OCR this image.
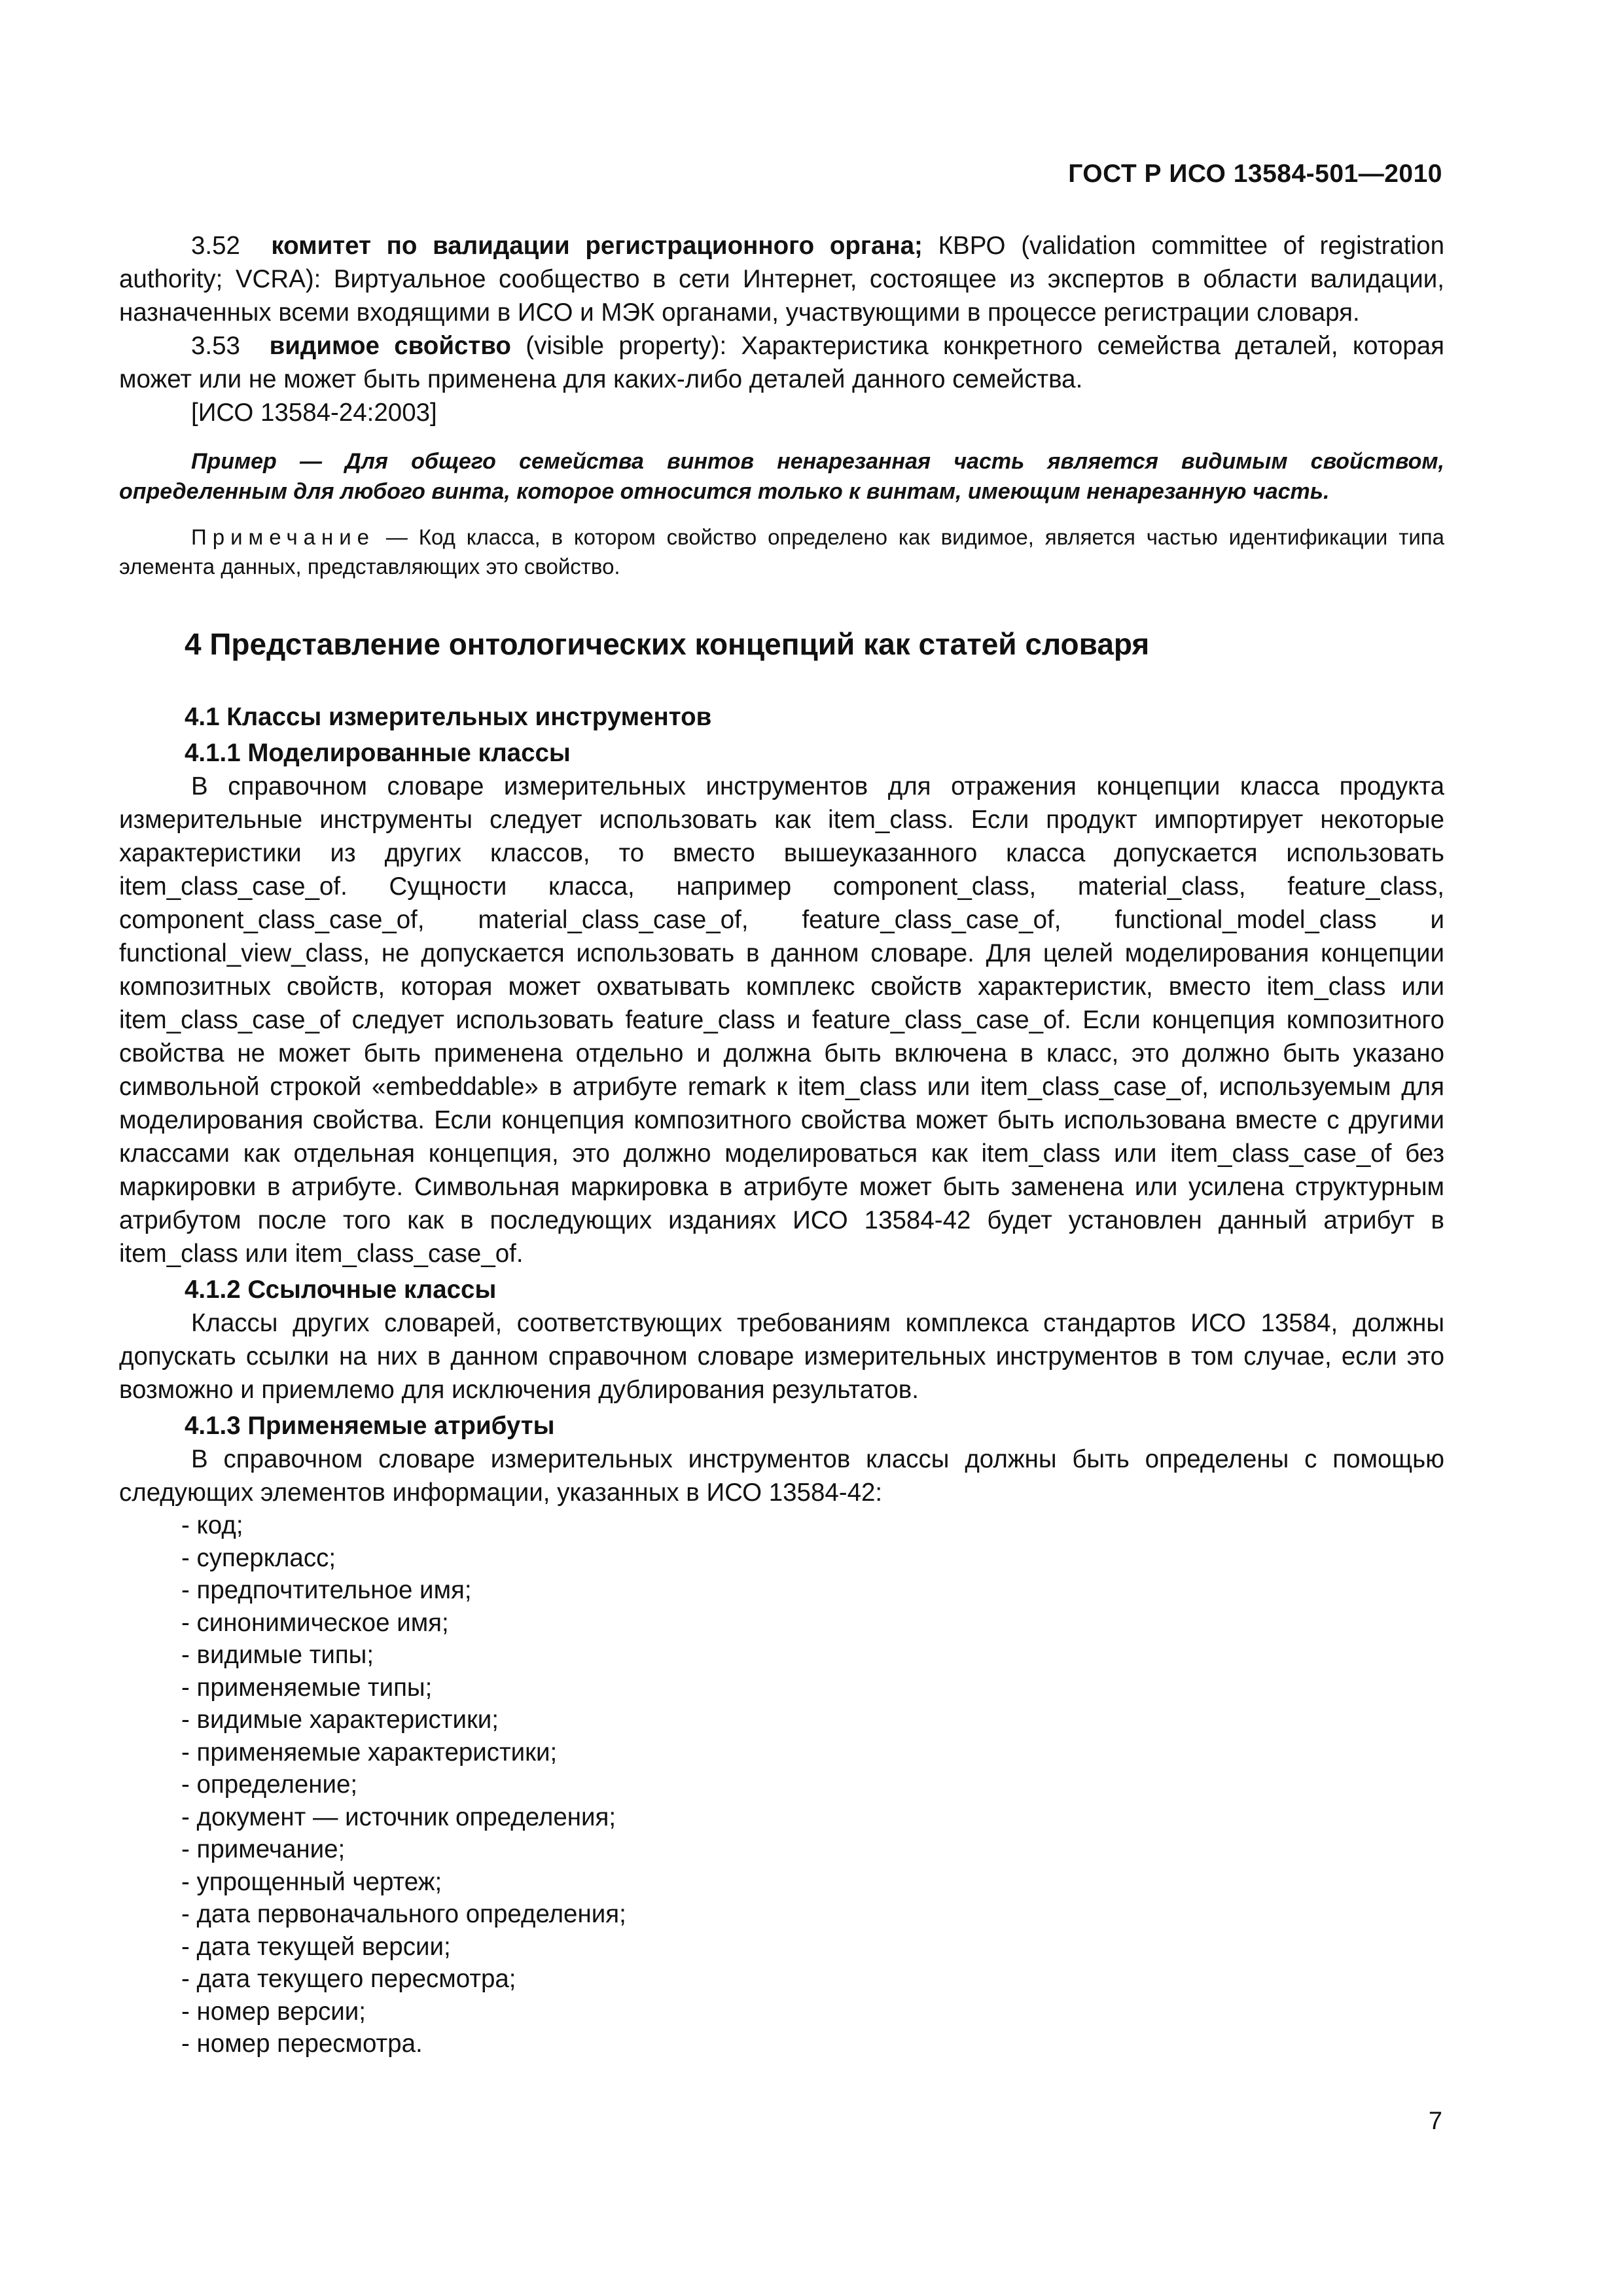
ГОСТ Р ИСО 13584-501—2010

3.52 комитет по валидации регистрационного органа; КВРО (validation committee of registration authority; VCRA): Виртуальное сообщество в сети Интернет, состоящее из экспертов в области валидации, назначенных всеми входящими в ИСО и МЭК органами, участвующими в процессе регистрации словаря.

3.53 видимое свойство (visible property): Характеристика конкретного семейства деталей, которая может или не может быть применена для каких-либо деталей данного семейства.

[ИСО 13584-24:2003]

Пример — Для общего семейства винтов ненарезанная часть является видимым свойством, определенным для любого винта, которое относится только к винтам, имеющим ненарезанную часть.

Примечание — Код класса, в котором свойство определено как видимое, является частью идентификации типа элемента данных, представляющих это свойство.

4 Представление онтологических концепций как статей словаря
4.1 Классы измерительных инструментов
4.1.1 Моделированные классы

В справочном словаре измерительных инструментов для отражения концепции класса продукта измерительные инструменты следует использовать как item_class. Если продукт импортирует некоторые характеристики из других классов, то вместо вышеуказанного класса допускается использовать item_class_case_of. Сущности класса, например component_class, material_class, feature_class, component_class_case_of, material_class_case_of, feature_class_case_of, functional_model_class и functional_view_class, не допускается использовать в данном словаре. Для целей моделирования концепции композитных свойств, которая может охватывать комплекс свойств характеристик, вместо item_class или item_class_case_of следует использовать feature_class и feature_class_case_of. Если концепция композитного свойства не может быть применена отдельно и должна быть включена в класс, это должно быть указано символьной строкой «embeddable» в атрибуте remark к item_class или item_class_case_of, используемым для моделирования свойства. Если концепция композитного свойства может быть использована вместе с другими классами как отдельная концепция, это должно моделироваться как item_class или item_class_case_of без маркировки в атрибуте. Символьная маркировка в атрибуте может быть заменена или усилена структурным атрибутом после того как в последующих изданиях ИСО 13584-42 будет установлен данный атрибут в item_class или item_class_case_of.

4.1.2 Ссылочные классы

Классы других словарей, соответствующих требованиям комплекса стандартов ИСО 13584, должны допускать ссылки на них в данном справочном словаре измерительных инструментов в том случае, если это возможно и приемлемо для исключения дублирования результатов.

4.1.3 Применяемые атрибуты

В справочном словаре измерительных инструментов классы должны быть определены с помощью следующих элементов информации, указанных в ИСО 13584-42:

- код;
- суперкласс;
- предпочтительное имя;
- синонимическое имя;
- видимые типы;
- применяемые типы;
- видимые характеристики;
- применяемые характеристики;
- определение;
- документ — источник определения;
- примечание;
- упрощенный чертеж;
- дата первоначального определения;
- дата текущей версии;
- дата текущего пересмотра;
- номер версии;
- номер пересмотра.
7
